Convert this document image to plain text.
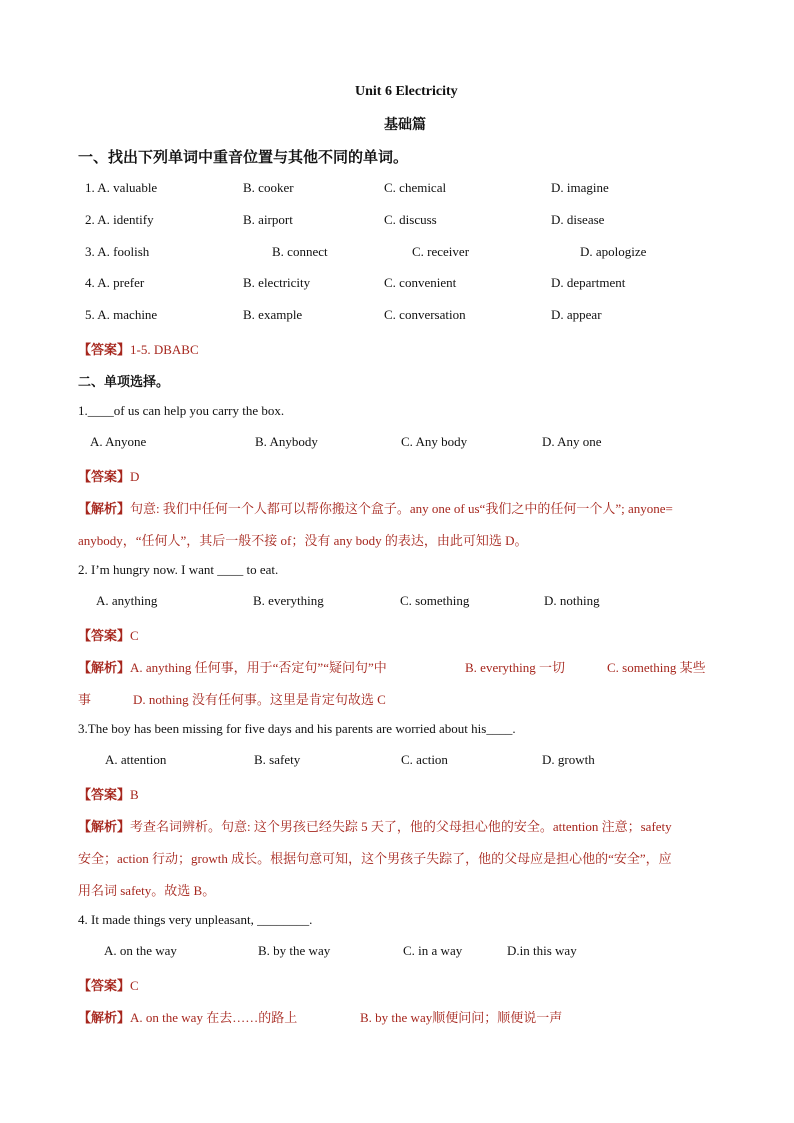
Unit 6 Electricity
基础篇
一、找出下列单词中重音位置与其他不同的单词。
1. A. valuable	B. cooker	C. chemical	D. imagine
2. A. identify	B. airport	C. discuss	D. disease
3. A. foolish	B. connect	C. receiver	D. apologize
4. A. prefer	B. electricity	C. convenient	D. department
5. A. machine	B. example	C. conversation	D. appear
【答案】1-5. DBABC
二、单项选择。
1.____of us can help you carry the box.
A. Anyone	B. Anybody	C. Any body	D. Any one
【答案】D
【解析】句意: 我们中任何一个人都可以帮你搬这个盒子。any one of us“我们之中的任何一个人”; anyone=
anybody，“任何人”，其后一般不接 of；没有 any body 的表达，由此可知选 D。
2. I’m hungry now. I want ____ to eat.
A. anything	B. everything	C. something	D. nothing
【答案】C
【解析】A. anything 任何事，用于“否定句”“疑问句”中	B. everything 一切	C. something 某些
事	D. nothing 没有任何事。这里是肯定句故选 C
3.The boy has been missing for five days and his parents are worried about his____.
A. attention	B. safety	C. action	D. growth
【答案】B
【解析】考查名词辨析。句意: 这个男孩已经失踪 5 天了，他的父母担心他的安全。attention 注意；safety
安全；action 行动；growth 成长。根据句意可知，这个男孩子失踪了，他的父母应是担心他的“安全”，应
用名词 safety。故选 B。
4. It made things very unpleasant, ________.
A. on the way	B. by the way	C. in a way	D.in this way
【答案】C
【解析】A. on the way 在去……的路上	B. by the way顺便问问；顺便说一声
